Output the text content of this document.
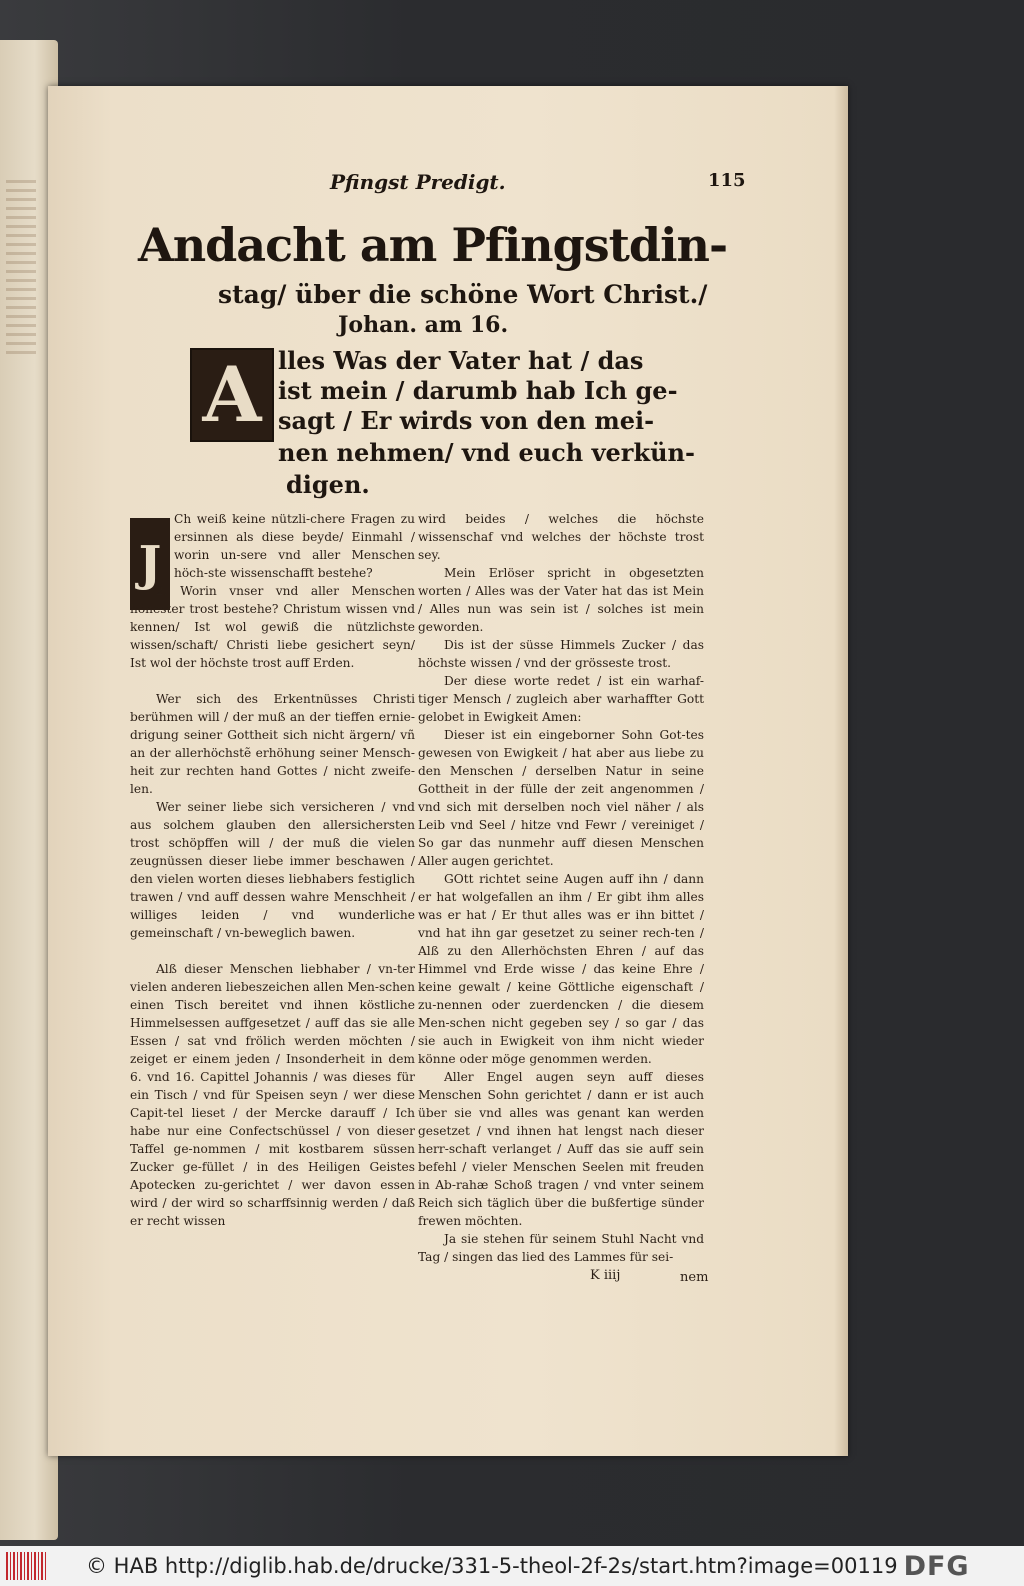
Pfingst Predigt.	115
Andacht am Pfingstdin-
stag/ über die schöne Wort Christ./
Johan. am 16.
A lles Was der Vater hat / das
ist mein / darumb hab Ich ge-
sagt / Er wirds von den mei-
nen nehmen/ vnd euch verkün-
digen.
J

Ch weiß keine nützli-chere Fragen zu ersinnen als diese beyde/ Einmahl / worin un-sere vnd aller Menschen höch-ste wissenschafft bestehe?

2. Worin vnser vnd aller Menschen höhester trost bestehe? Christum wissen vnd kennen/ Ist wol gewiß die nützlichste wissen/schaft/ Christi liebe gesichert seyn/ Ist wol der höchste trost auff Erden.

Wer sich des Erkentnüsses Christi berühmen will / der muß an der tieffen ernie-drigung seiner Gottheit sich nicht ärgern/ vñ an der allerhöchstẽ erhöhung seiner Mensch-heit zur rechten hand Gottes / nicht zweife-len.

Wer seiner liebe sich versicheren / vnd aus solchem glauben den allersichersten trost schöpffen will / der muß die vielen zeugnüssen dieser liebe immer beschawen / den vielen worten dieses liebhabers festiglich trawen / vnd auff dessen wahre Menschheit / williges leiden / vnd wunderliche gemeinschaft / vn-beweglich bawen.

Alß dieser Menschen liebhaber / vn-ter vielen anderen liebeszeichen allen Men-schen einen Tisch bereitet vnd ihnen köstliche Himmelsessen auffgesetzet / auff das sie alle Essen / sat vnd frölich werden möchten / zeiget er einem jeden / Insonderheit in dem 6. vnd 16. Capittel Johannis / was dieses für ein Tisch / vnd für Speisen seyn / wer diese Capit-tel lieset / der Mercke darauff / Ich habe nur eine Confectschüssel / von dieser Taffel ge-nommen / mit kostbarem süssen Zucker ge-füllet / in des Heiligen Geistes Apotecken zu-gerichtet / wer davon essen wird / der wird so scharffsinnig werden / daß er recht wissen

wird beides / welches die höchste wissenschaf vnd welches der höchste trost sey.

Mein Erlöser spricht in obgesetzten worten / Alles was der Vater hat das ist Mein / Alles nun was sein ist / solches ist mein geworden.

Dis ist der süsse Himmels Zucker / das höchste wissen / vnd der grösseste trost.

Der diese worte redet / ist ein warhaf-tiger Mensch / zugleich aber warhaffter Gott gelobet in Ewigkeit Amen:

Dieser ist ein eingeborner Sohn Got-tes gewesen von Ewigkeit / hat aber aus liebe zu den Menschen / derselben Natur in seine Gottheit in der fülle der zeit angenommen / vnd sich mit derselben noch viel näher / als Leib vnd Seel / hitze vnd Fewr / vereiniget / So gar das nunmehr auff diesen Menschen Aller augen gerichtet.

GOtt richtet seine Augen auff ihn / dann er hat wolgefallen an ihm / Er gibt ihm alles was er hat / Er thut alles was er ihn bittet / vnd hat ihn gar gesetzet zu seiner rech-ten / Alß zu den Allerhöchsten Ehren / auf das Himmel vnd Erde wisse / das keine Ehre / keine gewalt / keine Göttliche eigenschaft / zu-nennen oder zuerdencken / die diesem Men-schen nicht gegeben sey / so gar / das sie auch in Ewigkeit von ihm nicht wieder könne oder möge genommen werden.

Aller Engel augen seyn auff dieses Menschen Sohn gerichtet / dann er ist auch über sie vnd alles was genant kan werden gesetzet / vnd ihnen hat lengst nach dieser herr-schaft verlanget / Auff das sie auff sein befehl / vieler Menschen Seelen mit freuden in Ab-rahæ Schoß tragen / vnd vnter seinem Reich sich täglich über die bußfertige sünder frewen möchten.

Ja sie stehen für seinem Stuhl Nacht vnd Tag / singen das lied des Lammes für sei-

K iiij	nem
© HAB http://diglib.hab.de/drucke/331-5-theol-2f-2s/start.htm?image=00119 DFG
